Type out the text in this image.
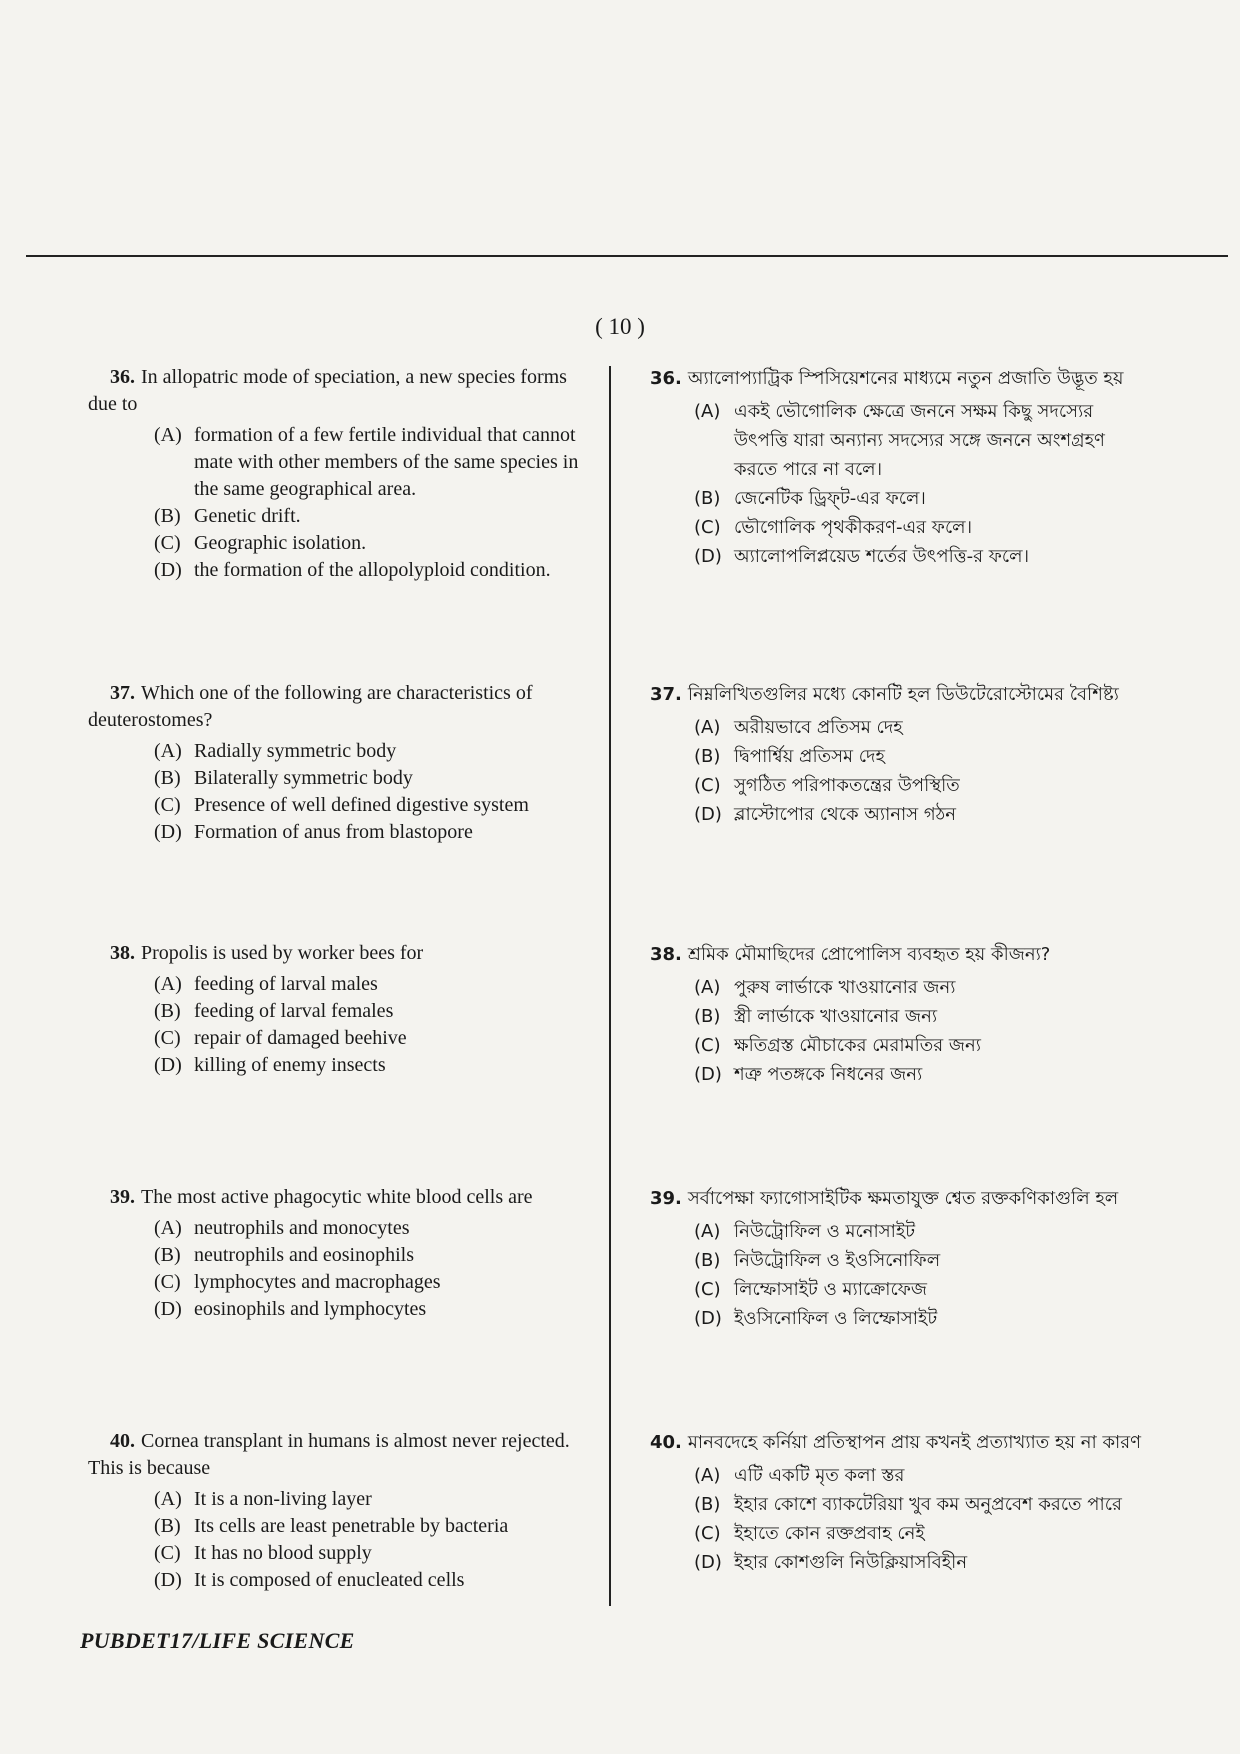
( 10 )
36. In allopatric mode of speciation, a new species forms due to
(A) formation of a few fertile individual that cannot mate with other members of the same species in the same geographical area.
(B) Genetic drift.
(C) Geographic isolation.
(D) the formation of the allopolyploid condition.
37. Which one of the following are characteristics of deuterostomes?
(A) Radially symmetric body
(B) Bilaterally symmetric body
(C) Presence of well defined digestive system
(D) Formation of anus from blastopore
38. Propolis is used by worker bees for
(A) feeding of larval males
(B) feeding of larval females
(C) repair of damaged beehive
(D) killing of enemy insects
39. The most active phagocytic white blood cells are
(A) neutrophils and monocytes
(B) neutrophils and eosinophils
(C) lymphocytes and macrophages
(D) eosinophils and lymphocytes
40. Cornea transplant in humans is almost never rejected. This is because
(A) It is a non-living layer
(B) Its cells are least penetrable by bacteria
(C) It has no blood supply
(D) It is composed of enucleated cells
36. অ্যালোপ্যাট্রিক স্পিসিয়েশনের মাধ্যমে নতুন প্রজাতি উদ্ভূত হয়
(A) একই ভৌগোলিক ক্ষেত্রে জননে সক্ষম কিছু সদস্যের উৎপত্তি যারা অন্যান্য সদস্যের সঙ্গে জননে অংশগ্রহণ করতে পারে না বলে।
(B) জেনেটিক ড্রিফ্‌ট-এর ফলে।
(C) ভৌগোলিক পৃথকীকরণ-এর ফলে।
(D) অ্যালোপলিপ্লয়েড শর্তের উৎপত্তি-র ফলে।
37. নিম্নলিখিতগুলির মধ্যে কোনটি হল ডিউটেরোস্টোমের বৈশিষ্ট্য
(A) অরীয়ভাবে প্রতিসম দেহ
(B) দ্বিপার্শ্বিয় প্রতিসম দেহ
(C) সুগঠিত পরিপাকতন্ত্রের উপস্থিতি
(D) ব্লাস্টোপোর থেকে অ্যানাস গঠন
38. শ্রমিক মৌমাছিদের প্রোপোলিস ব্যবহৃত হয় কীজন্য?
(A) পুরুষ লার্ভাকে খাওয়ানোর জন্য
(B) স্ত্রী লার্ভাকে খাওয়ানোর জন্য
(C) ক্ষতিগ্রস্ত মৌচাকের মেরামতির জন্য
(D) শত্রু পতঙ্গকে নিধনের জন্য
39. সর্বাপেক্ষা ফ্যাগোসাইটিক ক্ষমতাযুক্ত শ্বেত রক্তকণিকাগুলি হল
(A) নিউট্রোফিল ও মনোসাইট
(B) নিউট্রোফিল ও ইওসিনোফিল
(C) লিম্ফোসাইট ও ম্যাক্রোফেজ
(D) ইওসিনোফিল ও লিম্ফোসাইট
40. মানবদেহে কর্নিয়া প্রতিস্থাপন প্রায় কখনই প্রত্যাখ্যাত হয় না কারণ
(A) এটি একটি মৃত কলা স্তর
(B) ইহার কোশে ব্যাকটেরিয়া খুব কম অনুপ্রবেশ করতে পারে
(C) ইহাতে কোন রক্তপ্রবাহ নেই
(D) ইহার কোশগুলি নিউক্লিয়াসবিহীন
PUBDET17/LIFE SCIENCE
